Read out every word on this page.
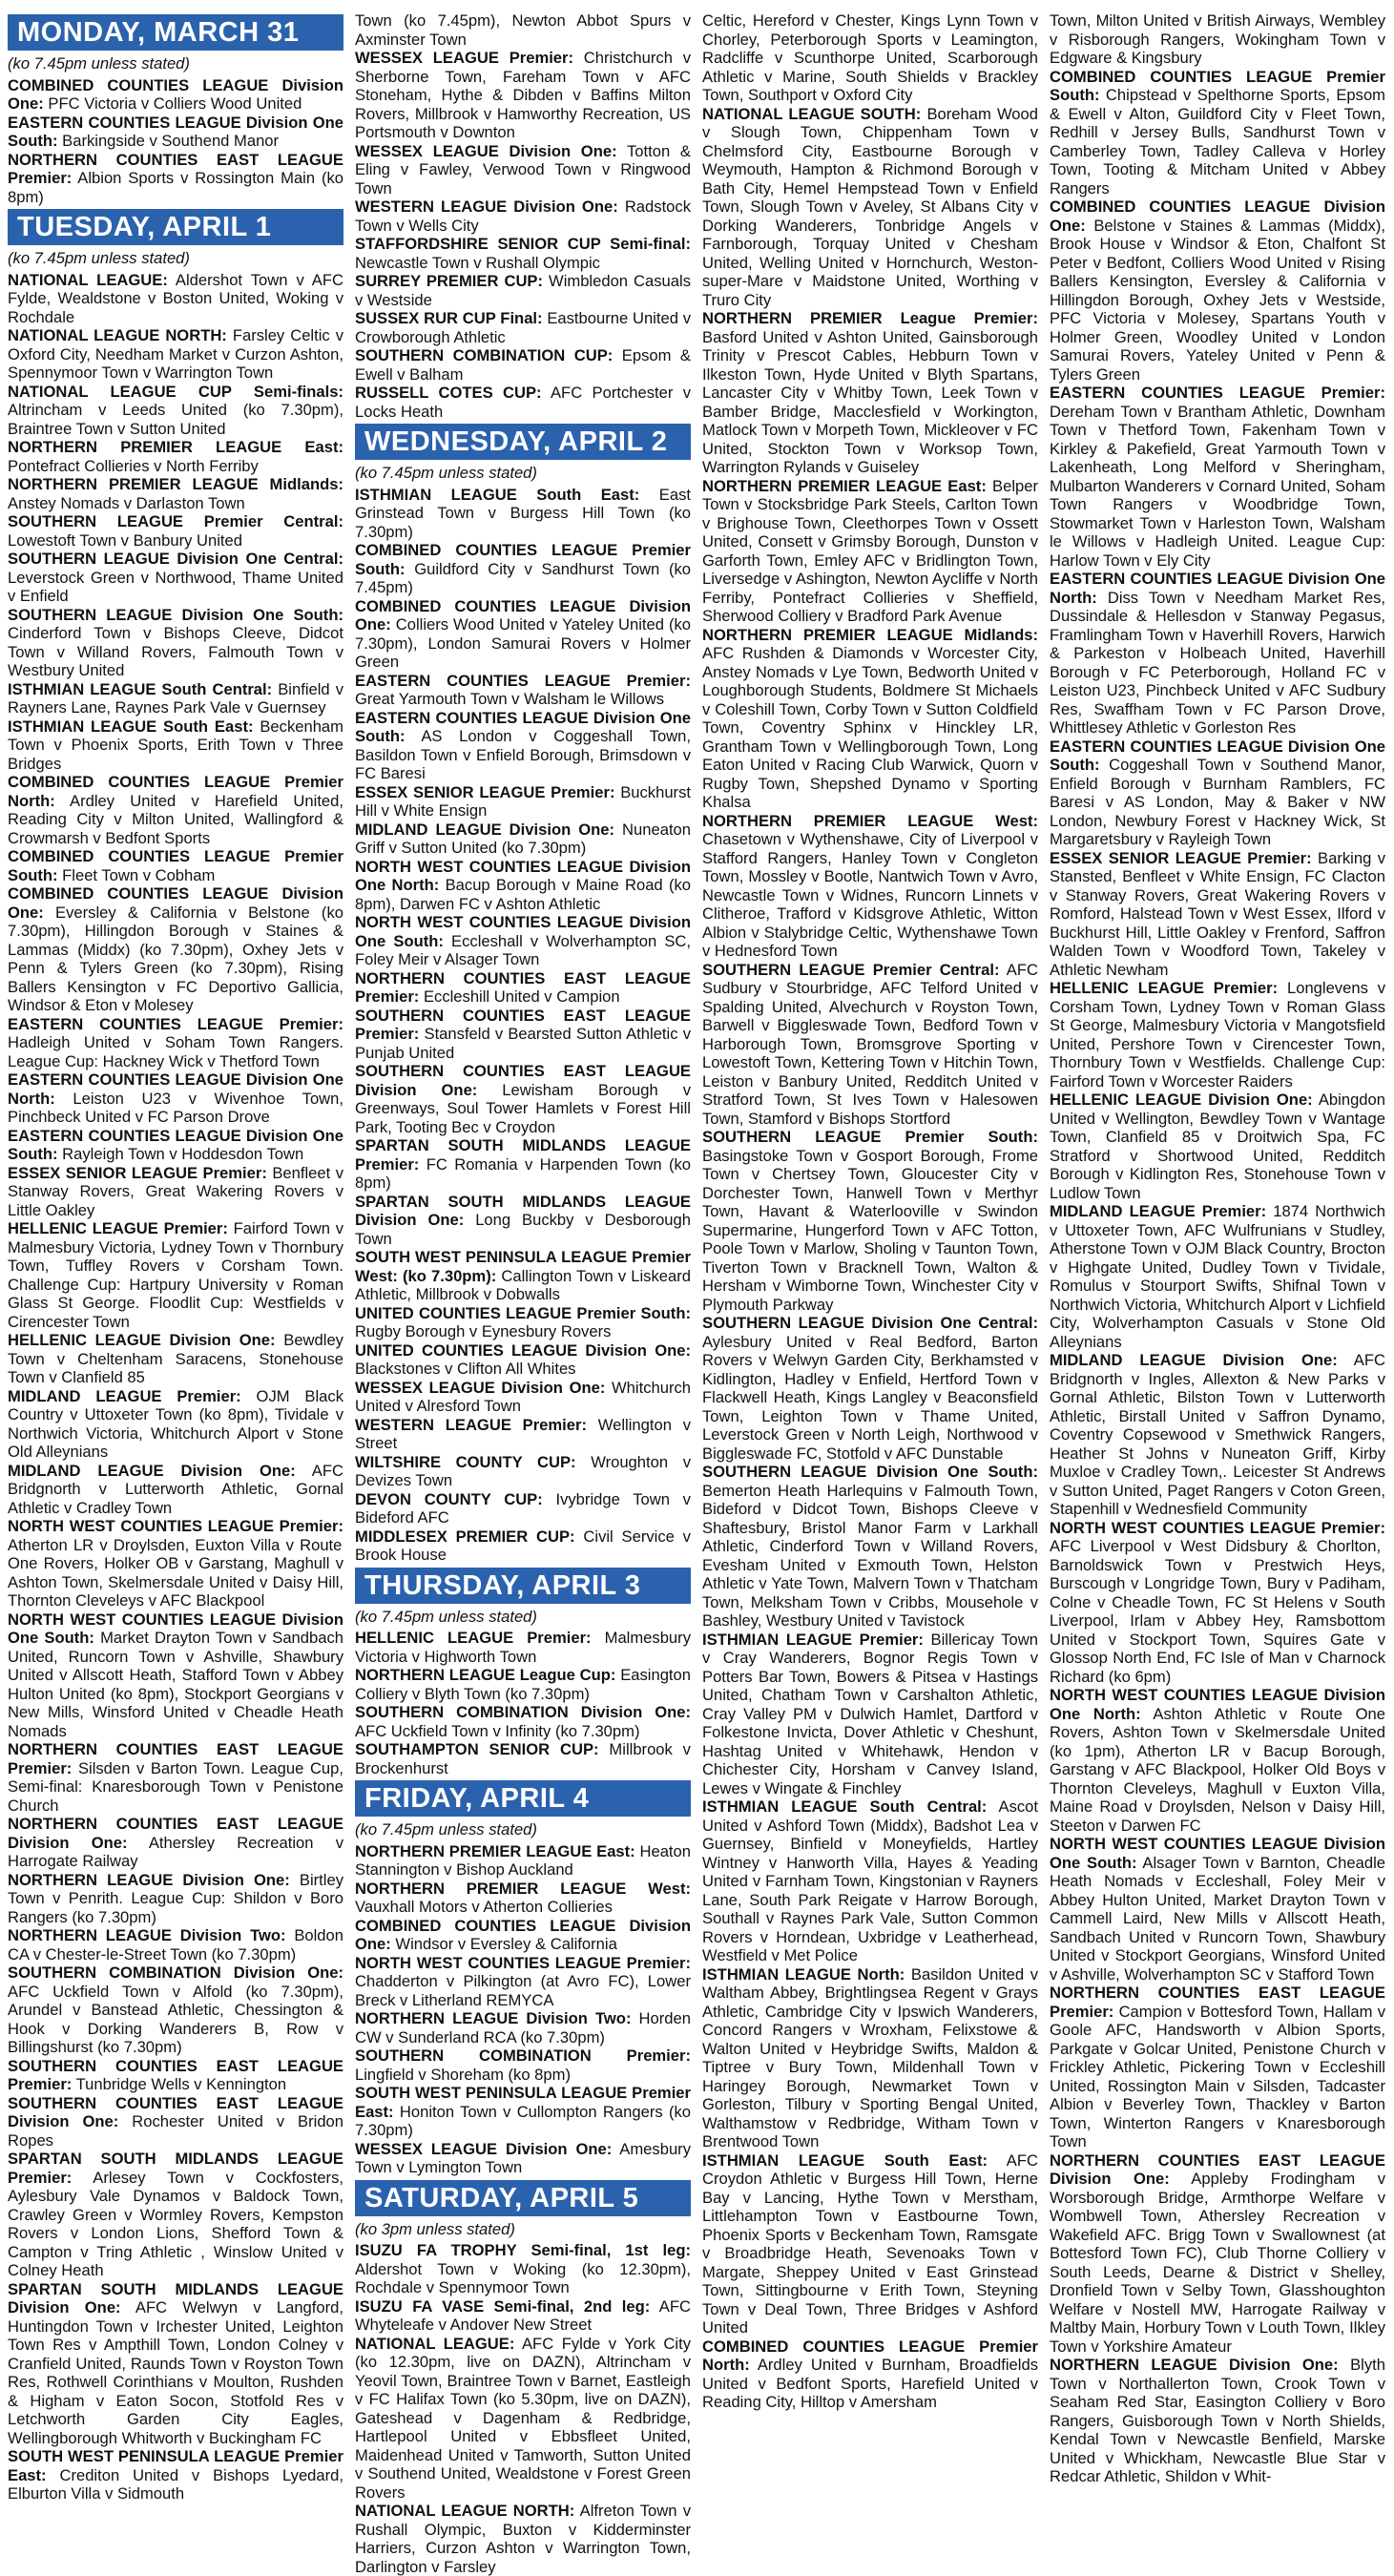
MONDAY, MARCH 31
(ko 7.45pm unless stated)
COMBINED COUNTIES LEAGUE Division One: PFC Victoria v Colliers Wood United
EASTERN COUNTIES LEAGUE Division One South: Barkingside v Southend Manor
NORTHERN COUNTIES EAST LEAGUE Premier: Albion Sports v Rossington Main (ko 8pm)
TUESDAY, APRIL 1
(ko 7.45pm unless stated)
NATIONAL LEAGUE: Aldershot Town v AFC Fylde, Wealdstone v Boston United, Woking v Rochdale
NATIONAL LEAGUE NORTH: Farsley Celtic v Oxford City, Needham Market v Curzon Ashton, Spennymoor Town v Warrington Town
NATIONAL LEAGUE CUP Semi-finals: Altrincham v Leeds United (ko 7.30pm), Braintree Town v Sutton United
NORTHERN PREMIER LEAGUE East: Pontefract Collieries v North Ferriby
NORTHERN PREMIER LEAGUE Midlands: Anstey Nomads v Darlaston Town
SOUTHERN LEAGUE Premier Central: Lowestoft Town v Banbury United
SOUTHERN LEAGUE Division One Central: Leverstock Green v Northwood, Thame United v Enfield
SOUTHERN LEAGUE Division One South: Cinderford Town v Bishops Cleeve, Didcot Town v Willand Rovers, Falmouth Town v Westbury United
ISTHMIAN LEAGUE South Central: Binfield v Rayners Lane, Raynes Park Vale v Guernsey
ISTHMIAN LEAGUE South East: Beckenham Town v Phoenix Sports, Erith Town v Three Bridges
COMBINED COUNTIES LEAGUE Premier North: Ardley United v Harefield United, Reading City v Milton United, Wallingford & Crowmarsh v Bedfont Sports
COMBINED COUNTIES LEAGUE Premier South: Fleet Town v Cobham
COMBINED COUNTIES LEAGUE Division One: Eversley & California v Belstone (ko 7.30pm), Hillingdon Borough v Staines & Lammas (Middx) (ko 7.30pm), Oxhey Jets v Penn & Tylers Green (ko 7.30pm), Rising Ballers Kensington v FC Deportivo Gallicia, Windsor & Eton v Molesey
EASTERN COUNTIES LEAGUE Premier: Hadleigh United v Soham Town Rangers. League Cup: Hackney Wick v Thetford Town
EASTERN COUNTIES LEAGUE Division One North: Leiston U23 v Wivenhoe Town, Pinchbeck United v FC Parson Drove
EASTERN COUNTIES LEAGUE Division One South: Rayleigh Town v Hoddesdon Town
ESSEX SENIOR LEAGUE Premier: Benfleet v Stanway Rovers, Great Wakering Rovers v Little Oakley
HELLENIC LEAGUE Premier: Fairford Town v Malmesbury Victoria, Lydney Town v Thornbury Town, Tuffley Rovers v Corsham Town. Challenge Cup: Hartpury University v Roman Glass St George. Floodlit Cup: Westfields v Cirencester Town
HELLENIC LEAGUE Division One: Bewdley Town v Cheltenham Saracens, Stonehouse Town v Clanfield 85
MIDLAND LEAGUE Premier: OJM Black Country v Uttoxeter Town (ko 8pm), Tividale v Northwich Victoria, Whitchurch Alport v Stone Old Alleynians
MIDLAND LEAGUE Division One: AFC Bridgnorth v Lutterworth Athletic, Gornal Athletic v Cradley Town
NORTH WEST COUNTIES LEAGUE Premier: Atherton LR v Droylsden, Euxton Villa v Route One Rovers, Holker OB v Garstang, Maghull v Ashton Town, Skelmersdale United v Daisy Hill, Thornton Cleveleys v AFC Blackpool
NORTH WEST COUNTIES LEAGUE Division One South: Market Drayton Town v Sandbach United, Runcorn Town v Ashville, Shawbury United v Allscott Heath, Stafford Town v Abbey Hulton United (ko 8pm), Stockport Georgians v New Mills, Winsford United v Cheadle Heath Nomads
NORTHERN COUNTIES EAST LEAGUE Premier: Silsden v Barton Town. League Cup, Semi-final: Knaresborough Town v Penistone Church
NORTHERN COUNTIES EAST LEAGUE Division One: Athersley Recreation v Harrogate Railway
NORTHERN LEAGUE Division One: Birtley Town v Penrith. League Cup: Shildon v Boro Rangers (ko 7.30pm)
NORTHERN LEAGUE Division Two: Boldon CA v Chester-le-Street Town (ko 7.30pm)
SOUTHERN COMBINATION Division One: AFC Uckfield Town v Alfold (ko 7.30pm), Arundel v Banstead Athletic, Chessington & Hook v Dorking Wanderers B, Row v Billingshurst (ko 7.30pm)
SOUTHERN COUNTIES EAST LEAGUE Premier: Tunbridge Wells v Kennington
SOUTHERN COUNTIES EAST LEAGUE Division One: Rochester United v Bridon Ropes
SPARTAN SOUTH MIDLANDS LEAGUE Premier: Arlesey Town v Cockfosters, Aylesbury Vale Dynamos v Baldock Town, Crawley Green v Wormley Rovers, Kempston Rovers v London Lions, Shefford Town & Campton v Tring Athletic , Winslow United v Colney Heath
SPARTAN SOUTH MIDLANDS LEAGUE Division One: AFC Welwyn v Langford, Huntingdon Town v Irchester United, Leighton Town Res v Ampthill Town, London Colney v Cranfield United, Raunds Town v Royston Town Res, Rothwell Corinthians v Moulton, Rushden & Higham v Eaton Socon, Stotfold Res v Letchworth Garden City Eagles, Wellingborough Whitworth v Buckingham FC
SOUTH WEST PENINSULA LEAGUE Premier East: Crediton United v Bishops Lyedard, Elburton Villa v Sidmouth
Town (ko 7.45pm), Newton Abbot Spurs v Axminster Town
WESSEX LEAGUE Premier: Christchurch v Sherborne Town, Fareham Town v AFC Stoneham, Hythe & Dibden v Baffins Milton Rovers, Millbrook v Hamworthy Recreation, US Portsmouth v Downton
WESSEX LEAGUE Division One: Totton & Eling v Fawley, Verwood Town v Ringwood Town
WESTERN LEAGUE Division One: Radstock Town v Wells City
STAFFORDSHIRE SENIOR CUP Semi-final: Newcastle Town v Rushall Olympic
SURREY PREMIER CUP: Wimbledon Casuals v Westside
SUSSEX RUR CUP Final: Eastbourne United v Crowborough Athletic
SOUTHERN COMBINATION CUP: Epsom & Ewell v Balham
RUSSELL COTES CUP: AFC Portchester v Locks Heath
WEDNESDAY, APRIL 2
(ko 7.45pm unless stated)
ISTHMIAN LEAGUE South East: East Grinstead Town v Burgess Hill Town (ko 7.30pm)
COMBINED COUNTIES LEAGUE Premier South: Guildford City v Sandhurst Town (ko 7.45pm)
COMBINED COUNTIES LEAGUE Division One: Colliers Wood United v Yateley United (ko 7.30pm), London Samurai Rovers v Holmer Green
EASTERN COUNTIES LEAGUE Premier: Great Yarmouth Town v Walsham le Willows
EASTERN COUNTIES LEAGUE Division One South: AS London v Coggeshall Town, Basildon Town v Enfield Borough, Brimsdown v FC Baresi
ESSEX SENIOR LEAGUE Premier: Buckhurst Hill v White Ensign
MIDLAND LEAGUE Division One: Nuneaton Griff v Sutton United (ko 7.30pm)
NORTH WEST COUNTIES LEAGUE Division One North: Bacup Borough v Maine Road (ko 8pm), Darwen FC v Ashton Athletic
NORTH WEST COUNTIES LEAGUE Division One South: Eccleshall v Wolverhampton SC, Foley Meir v Alsager Town
NORTHERN COUNTIES EAST LEAGUE Premier: Eccleshill United v Campion
SOUTHERN COUNTIES EAST LEAGUE Premier: Stansfeld v Bearsted Sutton Athletic v Punjab United
SOUTHERN COUNTIES EAST LEAGUE Division One: Lewisham Borough v Greenways, Soul Tower Hamlets v Forest Hill Park, Tooting Bec v Croydon
SPARTAN SOUTH MIDLANDS LEAGUE Premier: FC Romania v Harpenden Town (ko 8pm)
SPARTAN SOUTH MIDLANDS LEAGUE Division One: Long Buckby v Desborough Town
SOUTH WEST PENINSULA LEAGUE Premier West: (ko 7.30pm): Callington Town v Liskeard Athletic, Millbrook v Dobwalls
UNITED COUNTIES LEAGUE Premier South: Rugby Borough v Eynesbury Rovers
UNITED COUNTIES LEAGUE Division One: Blackstones v Clifton All Whites
WESSEX LEAGUE Division One: Whitchurch United v Alresford Town
WESTERN LEAGUE Premier: Wellington v Street
WILTSHIRE COUNTY CUP: Wroughton v Devizes Town
DEVON COUNTY CUP: Ivybridge Town v Bideford AFC
MIDDLESEX PREMIER CUP: Civil Service v Brook House
THURSDAY, APRIL 3
(ko 7.45pm unless stated)
HELLENIC LEAGUE Premier: Malmesbury Victoria v Highworth Town
NORTHERN LEAGUE League Cup: Easington Colliery v Blyth Town (ko 7.30pm)
SOUTHERN COMBINATION Division One: AFC Uckfield Town v Infinity (ko 7.30pm)
SOUTHAMPTON SENIOR CUP: Millbrook v Brockenhurst
FRIDAY, APRIL 4
(ko 7.45pm unless stated)
NORTHERN PREMIER LEAGUE East: Heaton Stannington v Bishop Auckland
NORTHERN PREMIER LEAGUE West: Vauxhall Motors v Atherton Collieries
COMBINED COUNTIES LEAGUE Division One: Windsor v Eversley & California
NORTH WEST COUNTIES LEAGUE Premier: Chadderton v Pilkington (at Avro FC), Lower Breck v Litherland REMYCA
NORTHERN LEAGUE Division Two: Horden CW v Sunderland RCA (ko 7.30pm)
SOUTHERN COMBINATION Premier: Lingfield v Shoreham (ko 8pm)
SOUTH WEST PENINSULA LEAGUE Premier East: Honiton Town v Cullompton Rangers (ko 7.30pm)
WESSEX LEAGUE Division One: Amesbury Town v Lymington Town
SATURDAY, APRIL 5
(ko 3pm unless stated)
ISUZU FA TROPHY Semi-final, 1st leg: Aldershot Town v Woking (ko 12.30pm), Rochdale v Spennymoor Town
ISUZU FA VASE Semi-final, 2nd leg: AFC Whyteleafe v Andover New Street
NATIONAL LEAGUE: AFC Fylde v York City (ko 12.30pm, live on DAZN), Altrincham v Yeovil Town, Braintree Town v Barnet, Eastleigh v FC Halifax Town (ko 5.30pm, live on DAZN), Gateshead v Dagenham & Redbridge, Hartlepool United v Ebbsfleet United, Maidenhead United v Tamworth, Sutton United v Southend United, Wealdstone v Forest Green Rovers
NATIONAL LEAGUE NORTH: Alfreton Town v Rushall Olympic, Buxton v Kidderminster Harriers, Curzon Ashton v Warrington Town, Darlington v Farsley
Celtic, Hereford v Chester, Kings Lynn Town v Chorley, Peterborough Sports v Leamington, Radcliffe v Scunthorpe United, Scarborough Athletic v Marine, South Shields v Brackley Town, Southport v Oxford City
NATIONAL LEAGUE SOUTH: Boreham Wood v Slough Town, Chippenham Town v Chelmsford City, Eastbourne Borough v Weymouth, Hampton & Richmond Borough v Bath City, Hemel Hempstead Town v Enfield Town, Slough Town v Aveley, St Albans City v Dorking Wanderers, Tonbridge Angels v Farnborough, Torquay United v Chesham United, Welling United v Hornchurch, Weston-super-Mare v Maidstone United, Worthing v Truro City
NORTHERN PREMIER League Premier: Basford United v Ashton United, Gainsborough Trinity v Prescot Cables, Hebburn Town v Ilkeston Town, Hyde United v Blyth Spartans, Lancaster City v Whitby Town, Leek Town v Bamber Bridge, Macclesfield v Workington, Matlock Town v Morpeth Town, Mickleover v FC United, Stockton Town v Worksop Town, Warrington Rylands v Guiseley
NORTHERN PREMIER LEAGUE East: Belper Town v Stocksbridge Park Steels, Carlton Town v Brighouse Town, Cleethorpes Town v Ossett United, Consett v Grimsby Borough, Dunston v Garforth Town, Emley AFC v Bridlington Town, Liversedge v Ashington, Newton Aycliffe v North Ferriby, Pontefract Collieries v Sheffield, Sherwood Colliery v Bradford Park Avenue
NORTHERN PREMIER LEAGUE Midlands: AFC Rushden & Diamonds v Worcester City, Anstey Nomads v Lye Town, Bedworth United v Loughborough Students, Boldmere St Michaels v Coleshill Town, Corby Town v Sutton Coldfield Town, Coventry Sphinx v Hinckley LR, Grantham Town v Wellingborough Town, Long Eaton United v Racing Club Warwick, Quorn v Rugby Town, Shepshed Dynamo v Sporting Khalsa
NORTHERN PREMIER LEAGUE West: Chasetown v Wythenshawe, City of Liverpool v Stafford Rangers, Hanley Town v Congleton Town, Mossley v Bootle, Nantwich Town v Avro, Newcastle Town v Widnes, Runcorn Linnets v Clitheroe, Trafford v Kidsgrove Athletic, Witton Albion v Stalybridge Celtic, Wythenshawe Town v Hednesford Town
SOUTHERN LEAGUE Premier Central: AFC Sudbury v Stourbridge, AFC Telford United v Spalding United, Alvechurch v Royston Town, Barwell v Biggleswade Town, Bedford Town v Harborough Town, Bromsgrove Sporting v Lowestoft Town, Kettering Town v Hitchin Town, Leiston v Banbury United, Redditch United v Stratford Town, St Ives Town v Halesowen Town, Stamford v Bishops Stortford
SOUTHERN LEAGUE Premier South: Basingstoke Town v Gosport Borough, Frome Town v Chertsey Town, Gloucester City v Dorchester Town, Hanwell Town v Merthyr Town, Havant & Waterlooville v Swindon Supermarine, Hungerford Town v AFC Totton, Poole Town v Marlow, Sholing v Taunton Town, Tiverton Town v Bracknell Town, Walton & Hersham v Wimborne Town, Winchester City v Plymouth Parkway
SOUTHERN LEAGUE Division One Central: Aylesbury United v Real Bedford, Barton Rovers v Welwyn Garden City, Berkhamsted v Kidlington, Hadley v Enfield, Hertford Town v Flackwell Heath, Kings Langley v Beaconsfield Town, Leighton Town v Thame United, Leverstock Green v North Leigh, Northwood v Biggleswade FC, Stotfold v AFC Dunstable
SOUTHERN LEAGUE Division One South: Bemerton Heath Harlequins v Falmouth Town, Bideford v Didcot Town, Bishops Cleeve v Shaftesbury, Bristol Manor Farm v Larkhall Athletic, Cinderford Town v Willand Rovers, Evesham United v Exmouth Town, Helston Athletic v Yate Town, Malvern Town v Thatcham Town, Melksham Town v Cribbs, Mousehole v Bashley, Westbury United v Tavistock
ISTHMIAN LEAGUE Premier: Billericay Town v Cray Wanderers, Bognor Regis Town v Potters Bar Town, Bowers & Pitsea v Hastings United, Chatham Town v Carshalton Athletic, Cray Valley PM v Dulwich Hamlet, Dartford v Folkestone Invicta, Dover Athletic v Cheshunt, Hashtag United v Whitehawk, Hendon v Chichester City, Horsham v Canvey Island, Lewes v Wingate & Finchley
ISTHMIAN LEAGUE South Central: Ascot United v Ashford Town (Middx), Badshot Lea v Guernsey, Binfield v Moneyfields, Hartley Wintney v Hanworth Villa, Hayes & Yeading United v Farnham Town, Kingstonian v Rayners Lane, South Park Reigate v Harrow Borough, Southall v Raynes Park Vale, Sutton Common Rovers v Horndean, Uxbridge v Leatherhead, Westfield v Met Police
ISTHMIAN LEAGUE North: Basildon United v Waltham Abbey, Brightlingsea Regent v Grays Athletic, Cambridge City v Ipswich Wanderers, Concord Rangers v Wroxham, Felixstowe & Walton United v Heybridge Swifts, Maldon & Tiptree v Bury Town, Mildenhall Town v Haringey Borough, Newmarket Town v Gorleston, Tilbury v Sporting Bengal United, Walthamstow v Redbridge, Witham Town v Brentwood Town
ISTHMIAN LEAGUE South East: AFC Croydon Athletic v Burgess Hill Town, Herne Bay v Lancing, Hythe Town v Merstham, Littlehampton Town v Eastbourne Town, Phoenix Sports v Beckenham Town, Ramsgate v Broadbridge Heath, Sevenoaks Town v Margate, Sheppey United v East Grinstead Town, Sittingbourne v Erith Town, Steyning Town v Deal Town, Three Bridges v Ashford United
COMBINED COUNTIES LEAGUE Premier North: Ardley United v Burnham, Broadfields United v Bedfont Sports, Harefield United v Reading City, Hilltop v Amersham
Town, Milton United v British Airways, Wembley v Risborough Rangers, Wokingham Town v Edgware & Kingsbury
COMBINED COUNTIES LEAGUE Premier South: Chipstead v Spelthorne Sports, Epsom & Ewell v Alton, Guildford City v Fleet Town, Redhill v Jersey Bulls, Sandhurst Town v Camberley Town, Tadley Calleva v Horley Town, Tooting & Mitcham United v Abbey Rangers
COMBINED COUNTIES LEAGUE Division One: Belstone v Staines & Lammas (Middx), Brook House v Windsor & Eton, Chalfont St Peter v Bedfont, Colliers Wood United v Rising Ballers Kensington, Eversley & California v Hillingdon Borough, Oxhey Jets v Westside, PFC Victoria v Molesey, Spartans Youth v Holmer Green, Woodley United v London Samurai Rovers, Yateley United v Penn & Tylers Green
EASTERN COUNTIES LEAGUE Premier: Dereham Town v Brantham Athletic, Downham Town v Thetford Town, Fakenham Town v Kirkley & Pakefield, Great Yarmouth Town v Lakenheath, Long Melford v Sheringham, Mulbarton Wanderers v Cornard United, Soham Town Rangers v Woodbridge Town, Stowmarket Town v Harleston Town, Walsham le Willows v Hadleigh United. League Cup: Harlow Town v Ely City
EASTERN COUNTIES LEAGUE Division One North: Diss Town v Needham Market Res, Dussindale & Hellesdon v Stanway Pegasus, Framlingham Town v Haverhill Rovers, Harwich & Parkeston v Holbeach United, Haverhill Borough v FC Peterborough, Holland FC v Leiston U23, Pinchbeck United v AFC Sudbury Res, Swaffham Town v FC Parson Drove, Whittlesey Athletic v Gorleston Res
EASTERN COUNTIES LEAGUE Division One South: Coggeshall Town v Southend Manor, Enfield Borough v Burnham Ramblers, FC Baresi v AS London, May & Baker v NW London, Newbury Forest v Hackney Wick, St Margaretsbury v Rayleigh Town
ESSEX SENIOR LEAGUE Premier: Barking v Stansted, Benfleet v White Ensign, FC Clacton v Stanway Rovers, Great Wakering Rovers v Romford, Halstead Town v West Essex, Ilford v Buckhurst Hill, Little Oakley v Frenford, Saffron Walden Town v Woodford Town, Takeley v Athletic Newham
HELLENIC LEAGUE Premier: Longlevens v Corsham Town, Lydney Town v Roman Glass St George, Malmesbury Victoria v Mangotsfield United, Pershore Town v Cirencester Town, Thornbury Town v Westfields. Challenge Cup: Fairford Town v Worcester Raiders
HELLENIC LEAGUE Division One: Abingdon United v Wellington, Bewdley Town v Wantage Town, Clanfield 85 v Droitwich Spa, FC Stratford v Shortwood United, Redditch Borough v Kidlington Res, Stonehouse Town v Ludlow Town
MIDLAND LEAGUE Premier: 1874 Northwich v Uttoxeter Town, AFC Wulfrunians v Studley, Atherstone Town v OJM Black Country, Brocton v Highgate United, Dudley Town v Tividale, Romulus v Stourport Swifts, Shifnal Town v Northwich Victoria, Whitchurch Alport v Lichfield City, Wolverhampton Casuals v Stone Old Alleynians
MIDLAND LEAGUE Division One: AFC Bridgnorth v Ingles, Allexton & New Parks v Gornal Athletic, Bilston Town v Lutterworth Athletic, Birstall United v Saffron Dynamo, Coventry Copsewood v Smethwick Rangers, Heather St Johns v Nuneaton Griff, Kirby Muxloe v Cradley Town,. Leicester St Andrews v Sutton United, Paget Rangers v Coton Green, Stapenhill v Wednesfield Community
NORTH WEST COUNTIES LEAGUE Premier: AFC Liverpool v West Didsbury & Chorlton, Barnoldswick Town v Prestwich Heys, Burscough v Longridge Town, Bury v Padiham, Colne v Cheadle Town, FC St Helens v South Liverpool, Irlam v Abbey Hey, Ramsbottom United v Stockport Town, Squires Gate v Glossop North End, FC Isle of Man v Charnock Richard (ko 6pm)
NORTH WEST COUNTIES LEAGUE Division One North: Ashton Athletic v Route One Rovers, Ashton Town v Skelmersdale United (ko 1pm), Atherton LR v Bacup Borough, Garstang v AFC Blackpool, Holker Old Boys v Thornton Cleveleys, Maghull v Euxton Villa, Maine Road v Droylsden, Nelson v Daisy Hill, Steeton v Darwen FC
NORTH WEST COUNTIES LEAGUE Division One South: Alsager Town v Barnton, Cheadle Heath Nomads v Eccleshall, Foley Meir v Abbey Hulton United, Market Drayton Town v Cammell Laird, New Mills v Allscott Heath, Sandbach United v Runcorn Town, Shawbury United v Stockport Georgians, Winsford United v Ashville, Wolverhampton SC v Stafford Town
NORTHERN COUNTIES EAST LEAGUE Premier: Campion v Bottesford Town, Hallam v Goole AFC, Handsworth v Albion Sports, Parkgate v Golcar United, Penistone Church v Frickley Athletic, Pickering Town v Eccleshill United, Rossington Main v Silsden, Tadcaster Albion v Beverley Town, Thackley v Barton Town, Winterton Rangers v Knaresborough Town
NORTHERN COUNTIES EAST LEAGUE Division One: Appleby Frodingham v Worsborough Bridge, Armthorpe Welfare v Wombwell Town, Athersley Recreation v Wakefield AFC. Brigg Town v Swallownest (at Bottesford Town FC), Club Thorne Colliery v South Leeds, Dearne & District v Shelley, Dronfield Town v Selby Town, Glasshoughton Welfare v Nostell MW, Harrogate Railway v Maltby Main, Horbury Town v Louth Town, Ilkley Town v Yorkshire Amateur
NORTHERN LEAGUE Division One: Blyth Town v Northallerton Town, Crook Town v Seaham Red Star, Easington Colliery v Boro Rangers, Guisborough Town v North Shields, Kendal Town v Newcastle Benfield, Marske United v Whickham, Newcastle Blue Star v Redcar Athletic, Shildon v Whit-
